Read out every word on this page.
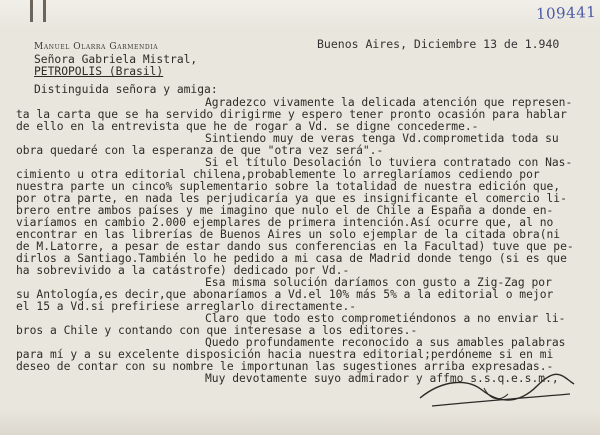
109441
Manuel Olarra Garmendia	Buenos Aires, Diciembre 13 de 1.940
Señora Gabriela Mistral,
PETROPOLIS (Brasil)
Distinguida señora y amiga:
Agradezco vivamente la delicada atención que represen-
ta la carta que se ha servido dirigirme y espero tener pronto ocasión para hablar
de ello en la entrevista que he de rogar a Vd. se digne concederme.-
Sintiendo muy de veras tenga Vd.comprometida toda su
obra quedaré con la esperanza de que "otra vez será".-
Si el título Desolación lo tuviera contratado con Nas-
cimiento u otra editorial chilena,probablemente lo arreglaríamos cediendo por
nuestra parte un cinco% suplementario sobre la totalidad de nuestra edición que,
por otra parte, en nada les perjudicaría ya que es insignificante el comercio li-
brero entre ambos países y me imagino que nulo el de Chile a España a donde en-
viaríamos en cambio 2.000 ejemplares de primera intención.Así ocurre que, al no
encontrar en las librerías de Buenos Aires un solo ejemplar de la citada obra(ni
de M.Latorre, a pesar de estar dando sus conferencias en la Facultad) tuve que pe-
dirlos a Santiago.También lo he pedido a mi casa de Madrid donde tengo (si es que
ha sobrevivido a la catástrofe) dedicado por Vd.-
Esa misma solución daríamos con gusto a Zig-Zag por
su Antología,es decir,que abonaríamos a Vd.el 10% más 5% a la editorial o mejor
el 15 a Vd.si prefiriese arreglarlo directamente.-
Claro que todo esto comprometiéndonos a no enviar li-
bros a Chile y contando con que interesase a los editores.-
Quedo profundamente reconocido a sus amables palabras
para mí y a su excelente disposición hacia nuestra editorial;perdóneme si en mi
deseo de contar con su nombre le importunan las sugestiones arriba expresadas.-
Muy devotamente suyo admirador y affmo s.s.q.e.s.m.,
